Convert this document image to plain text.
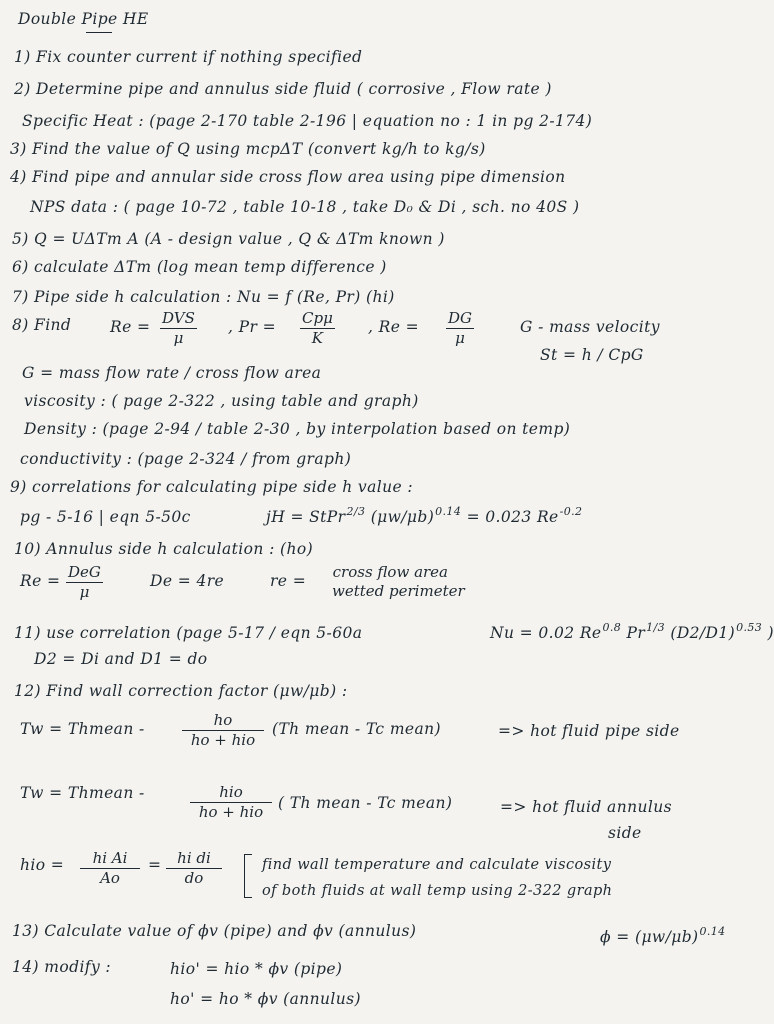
Double Pipe HE
1) Fix counter current if nothing specified
2) Determine pipe and annulus side fluid ( corrosive , Flow rate )
Specific Heat : (page 2-170 table 2-196 | equation no : 1 in pg 2-174)
3) Find the value of Q using mcpΔT (convert kg/h to kg/s)
4) Find pipe and annular side cross flow area using pipe dimension
NPS data : ( page 10-72 , table 10-18 , take D₀ & Di , sch. no 40S )
5) Q = UΔTm A (A - design value , Q & ΔTm known )
6) calculate ΔTm (log mean temp difference )
7) Pipe side h calculation : Nu = f (Re, Pr) (hi)
8) Find Re = DVS
μ
, Pr = Cpμ
K
, $Re = \frac{DG}{\mu}$	G - mass velocity
St = h / CpG
G = mass flow rate / cross flow area
viscosity : ( page 2-322 , using table and graph)
Density : (page 2-94 / table 2-30 , by interpolation based on temp)
conductivity : (page 2-324 / from graph)
9) correlations for calculating pipe side h value :
pg - 5-16 | eqn 5-50c	jH = StPr$^{2/3}$ $(\mu w/\mu b)^{0.14} = 0.023$ $Re^{-0.2}$
10) Annulus side h calculation : (ho)
Re = DeG
μ
De = 4re	re =	cross flow area
wetted perimeter
11) use correlation (page 5-17 / eqn 5-60a	Nu = 0.02 $Re^{0.8}$ $Pr^{1/3}$ $(D2/D1)^{0.53}$ )
D2 = Di and D1 = do
12) Find wall correction factor (μw/μb) :
Tw = Thmean -	ho
ho + hio
(Th mean - Tc mean)	=> hot fluid pipe side
Tw = Thmean -	hio
ho + hio ( Th mean - Tc mean)	=> hot fluid annulus
side
hio = $\frac{\text{hi Ai}}{Ao} = \frac{\text{hi di}}{do}$	find wall temperature and calculate viscosity
of both fluids at wall temp using 2-322 graph
13) Calculate value of ϕv (pipe) and ϕv (annulus)	$\phi = (\mu w/\mu b)^{0.14}$
14) modify :	hio' = hio * ϕv (pipe)
ho' = ho * ϕv (annulus)
